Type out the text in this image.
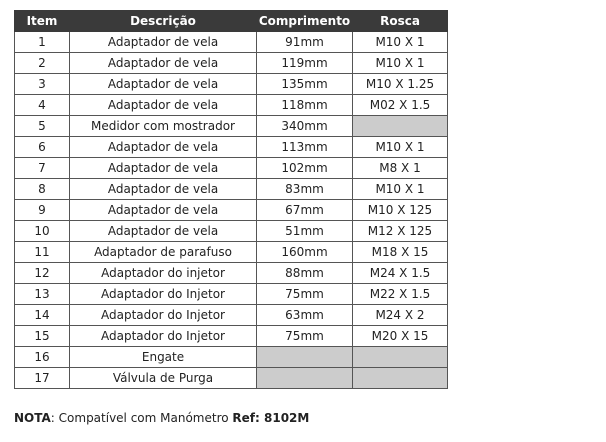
Item	Descrição	Comprimento	Rosca
1	Adaptador de vela	91mm	M10 X 1
2	Adaptador de vela	119mm	M10 X 1
3	Adaptador de vela	135mm	M10 X 1.25
4	Adaptador de vela	118mm	M02 X 1.5
5	Medidor com mostrador	340mm	
6	Adaptador de vela	113mm	M10 X 1
7	Adaptador de vela	102mm	M8 X 1
8	Adaptador de vela	83mm	M10 X 1
9	Adaptador de vela	67mm	M10 X 125
10	Adaptador de vela	51mm	M12 X 125
11	Adaptador de parafuso	160mm	M18 X 15
12	Adaptador do injetor	88mm	M24 X 1.5
13	Adaptador do Injetor	75mm	M22 X 1.5
14	Adaptador do Injetor	63mm	M24 X 2
15	Adaptador do Injetor	75mm	M20 X 15
16	Engate		
17	Válvula de Purga		
NOTA: Compatível com Manómetro Ref: 8102M
